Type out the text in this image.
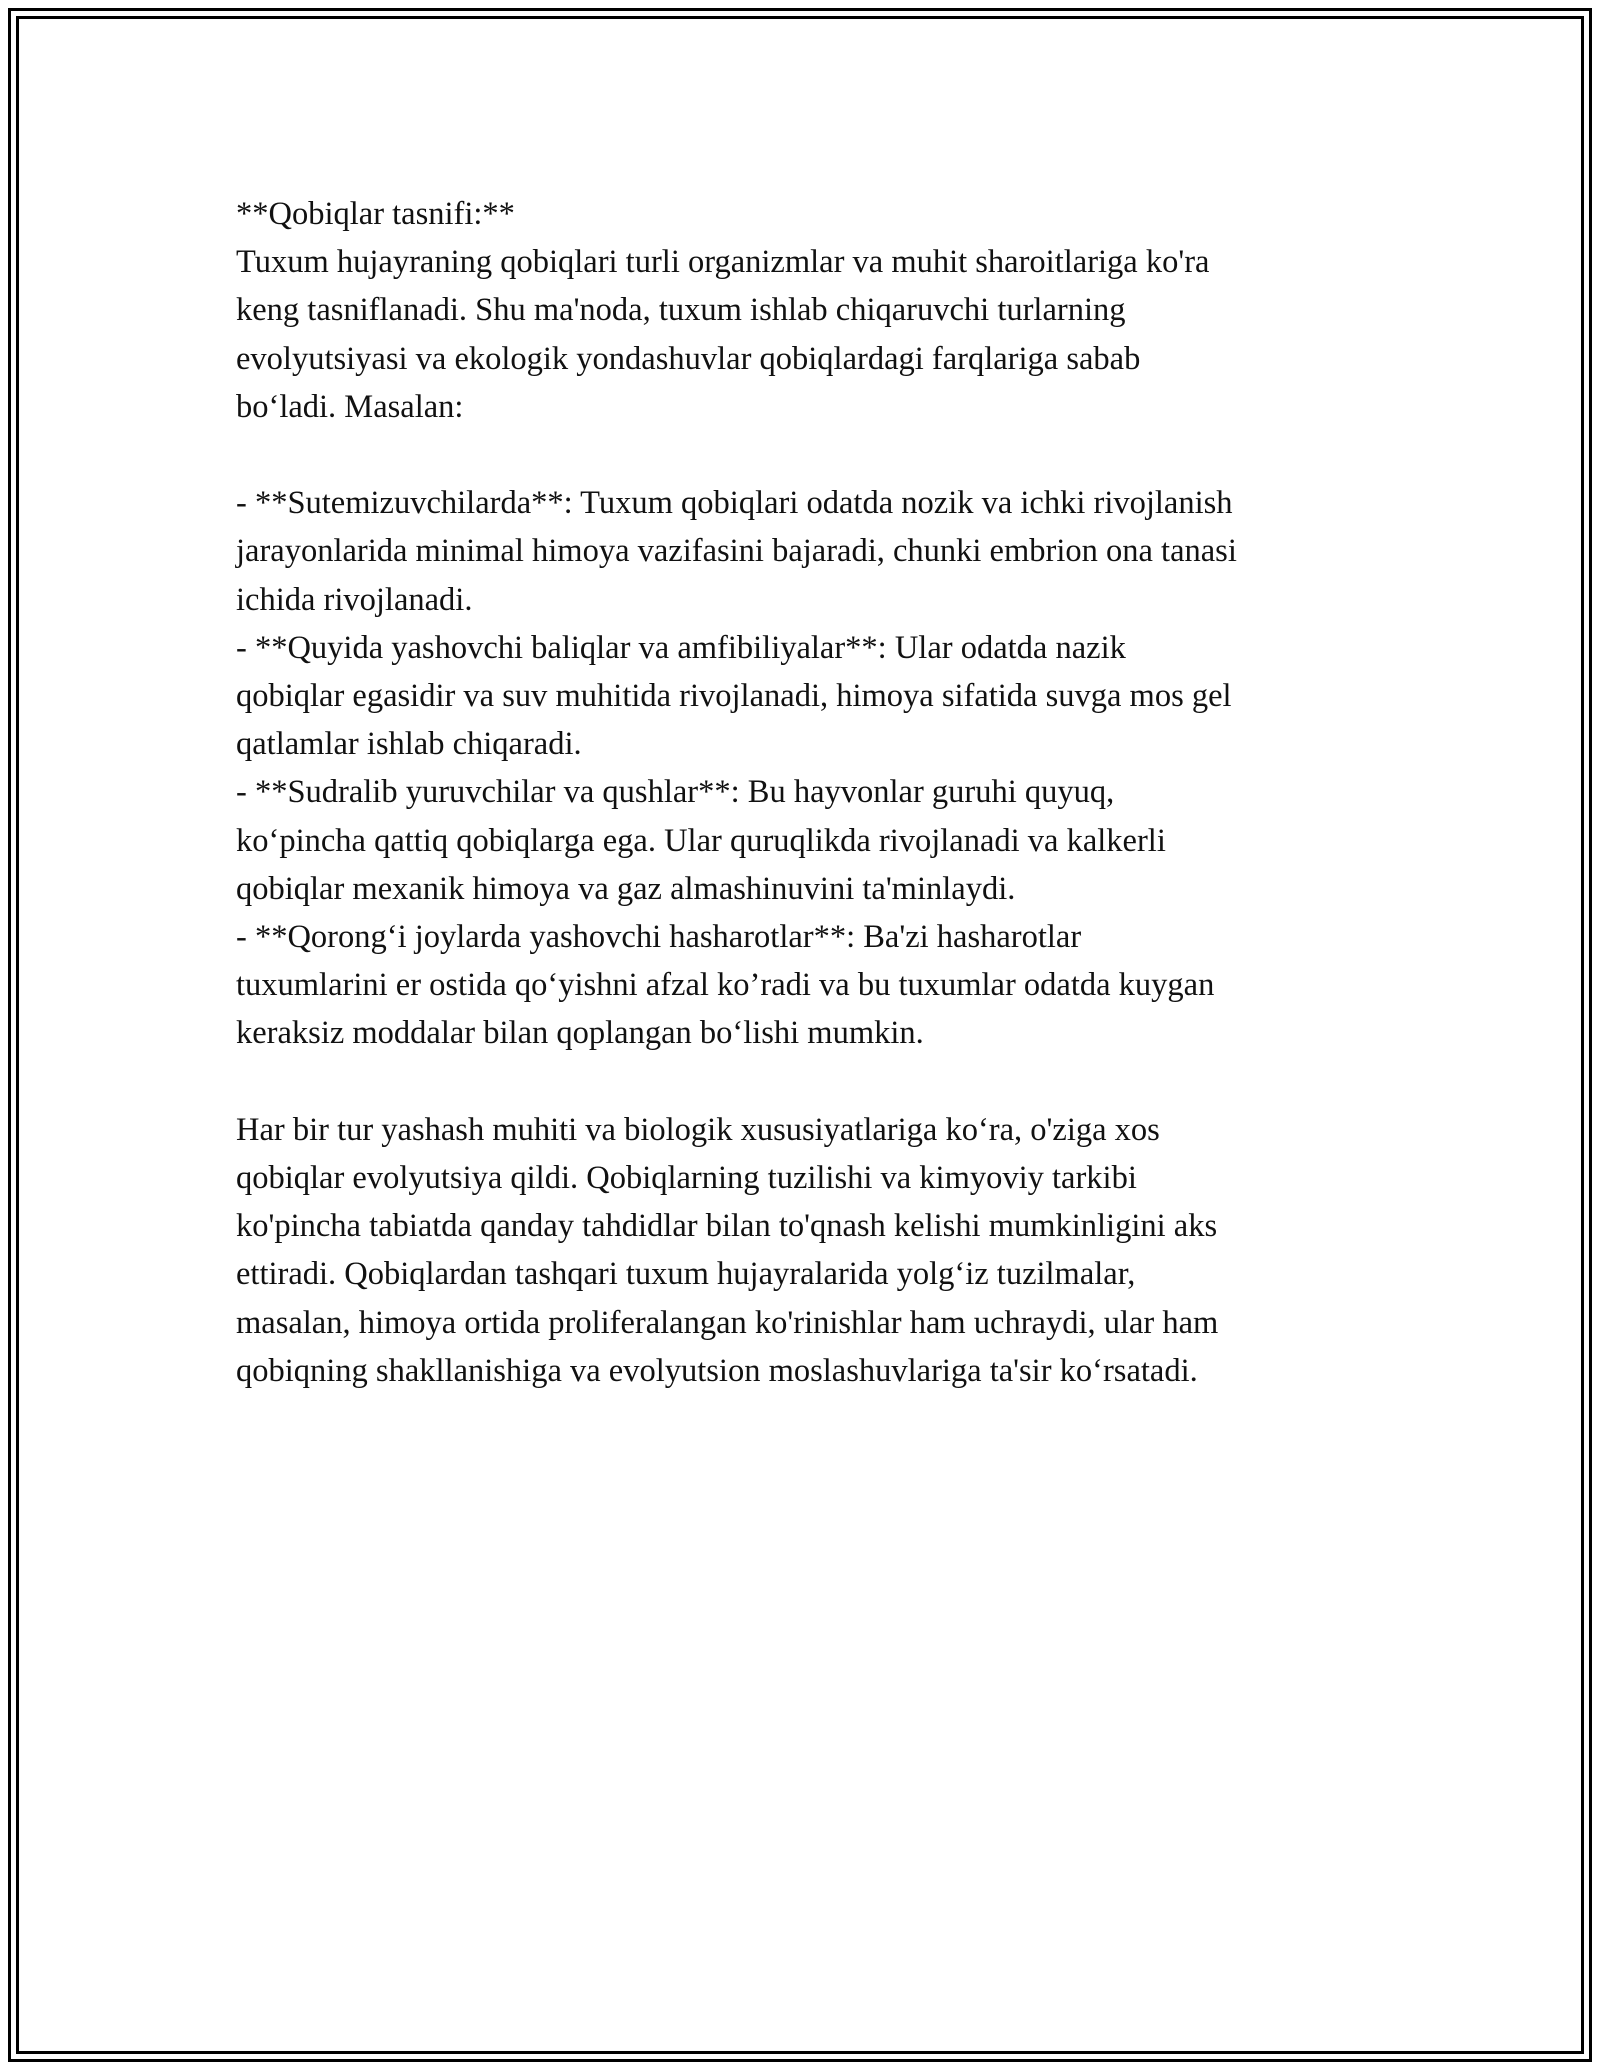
**Qobiqlar tasnifi:**
Tuxum hujayraning qobiqlari turli organizmlar va muhit sharoitlariga ko'ra
keng tasniflanadi. Shu ma'noda, tuxum ishlab chiqaruvchi turlarning
evolyutsiyasi va ekologik yondashuvlar qobiqlardagi farqlariga sabab
bo‘ladi. Masalan:
- **Sutemizuvchilarda**: Tuxum qobiqlari odatda nozik va ichki rivojlanish
jarayonlarida minimal himoya vazifasini bajaradi, chunki embrion ona tanasi
ichida rivojlanadi.
- **Quyida yashovchi baliqlar va amfibiliyalar**: Ular odatda nazik
qobiqlar egasidir va suv muhitida rivojlanadi, himoya sifatida suvga mos gel
qatlamlar ishlab chiqaradi.
- **Sudralib yuruvchilar va qushlar**: Bu hayvonlar guruhi quyuq,
ko‘pincha qattiq qobiqlarga ega. Ular quruqlikda rivojlanadi va kalkerli
qobiqlar mexanik himoya va gaz almashinuvini ta'minlaydi.
- **Qorong‘i joylarda yashovchi hasharotlar**: Ba'zi hasharotlar
tuxumlarini er ostida qo‘yishni afzal ko’radi va bu tuxumlar odatda kuygan
keraksiz moddalar bilan qoplangan bo‘lishi mumkin.
Har bir tur yashash muhiti va biologik xususiyatlariga ko‘ra, o'ziga xos
qobiqlar evolyutsiya qildi. Qobiqlarning tuzilishi va kimyoviy tarkibi
ko'pincha tabiatda qanday tahdidlar bilan to'qnash kelishi mumkinligini aks
ettiradi. Qobiqlardan tashqari tuxum hujayralarida yolg‘iz tuzilmalar,
masalan, himoya ortida proliferalangan ko'rinishlar ham uchraydi, ular ham
qobiqning shakllanishiga va evolyutsion moslashuvlariga ta'sir ko‘rsatadi.
